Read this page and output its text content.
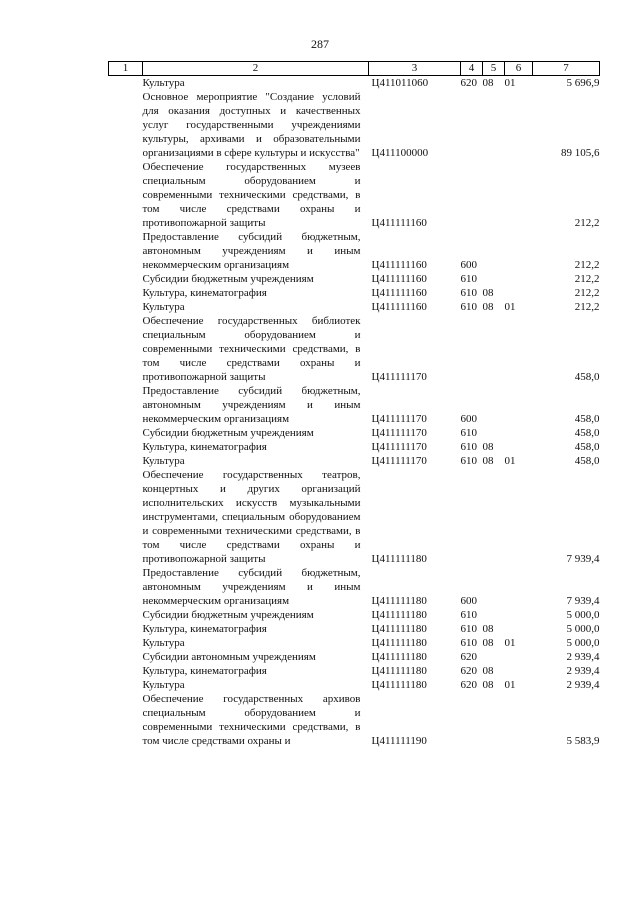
287
1	2	3	4	5	6	7
	Культура	Ц411011060	620	08	01	5 696,9
	Основное мероприятие "Создание условий для оказания доступных и качественных услуг государственными учреждениями культуры, архивами и образовательными организациями в сфере культуры и искусства"	Ц411100000				89 105,6
	Обеспечение государственных музеев специальным оборудованием и современными техническими средствами, в том числе средствами охраны и противопожарной защиты	Ц411111160				212,2
	Предоставление субсидий бюджетным, автономным учреждениям и иным некоммерческим организациям	Ц411111160	600			212,2
	Субсидии бюджетным учреждениям	Ц411111160	610			212,2
	Культура, кинематография	Ц411111160	610	08		212,2
	Культура	Ц411111160	610	08	01	212,2
	Обеспечение государственных библиотек специальным оборудованием и современными техническими средствами, в том числе средствами охраны и противопожарной защиты	Ц411111170				458,0
	Предоставление субсидий бюджетным, автономным учреждениям и иным некоммерческим организациям	Ц411111170	600			458,0
	Субсидии бюджетным учреждениям	Ц411111170	610			458,0
	Культура, кинематография	Ц411111170	610	08		458,0
	Культура	Ц411111170	610	08	01	458,0
	Обеспечение государственных театров, концертных и других организаций исполнительских искусств музыкальными инструментами, специальным оборудованием и современными техническими средствами, в том числе средствами охраны и противопожарной защиты	Ц411111180				7 939,4
	Предоставление субсидий бюджетным, автономным учреждениям и иным некоммерческим организациям	Ц411111180	600			7 939,4
	Субсидии бюджетным учреждениям	Ц411111180	610			5 000,0
	Культура, кинематография	Ц411111180	610	08		5 000,0
	Культура	Ц411111180	610	08	01	5 000,0
	Субсидии автономным учреждениям	Ц411111180	620			2 939,4
	Культура, кинематография	Ц411111180	620	08		2 939,4
	Культура	Ц411111180	620	08	01	2 939,4
	Обеспечение государственных архивов специальным оборудованием и современными техническими средствами, в том числе средствами охраны и	Ц411111190				5 583,9
